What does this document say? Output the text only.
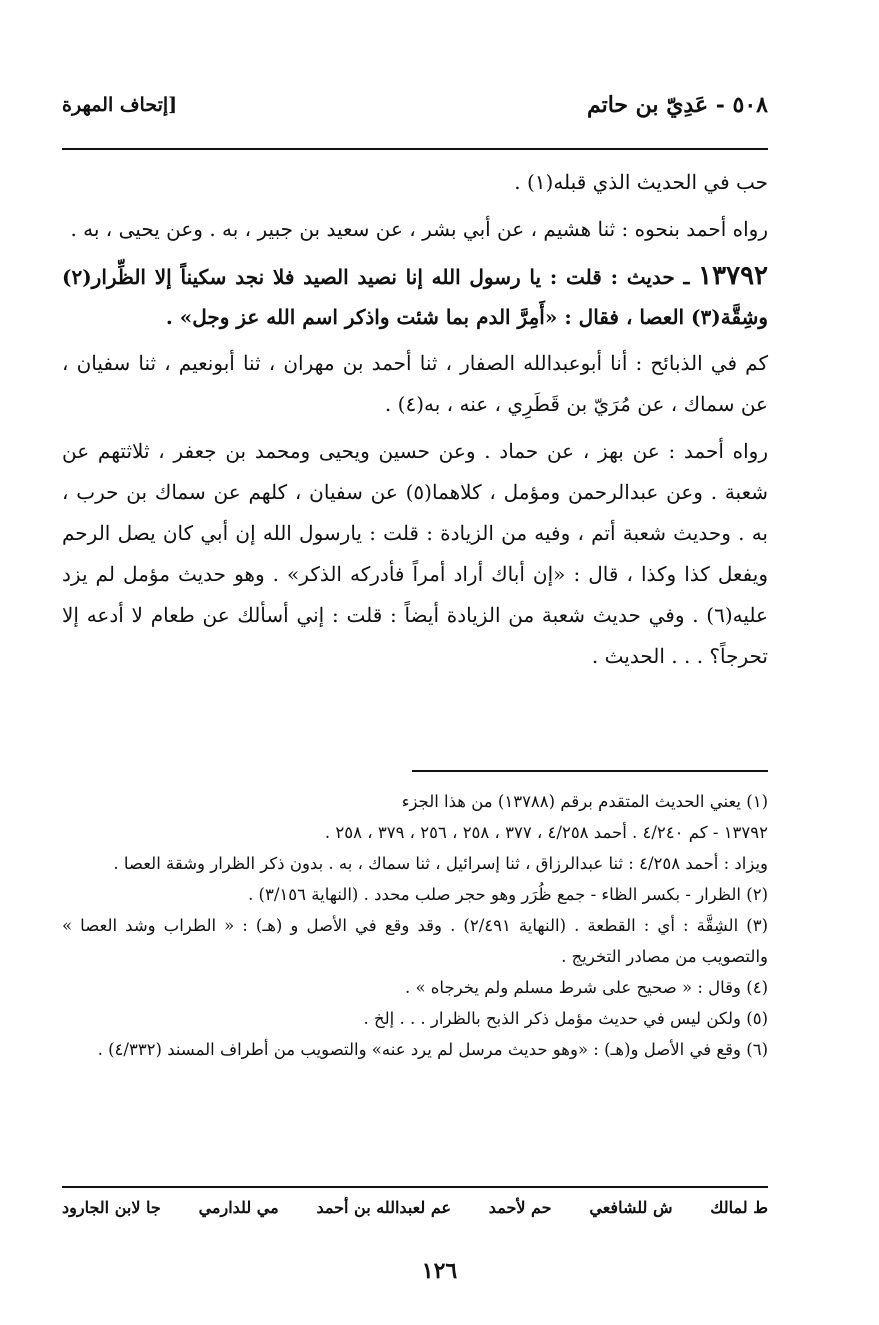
٥٠٨ - عَدِيّ بن حاتم
[إتحاف المهرة

حب في الحديث الذي قبله(١) .

رواه أحمد بنحوه : ثنا هشيم ، عن أبي بشر ، عن سعيد بن جبير ، به . وعن يحيى ، به .

١٣٧٩٢ ـ حديث : قلت : يا رسول الله إنا نصيد الصيد فلا نجد سكيناً إلا الظِّرار(٢) وشِقَّة(٣) العصا ، فقال : «أَمِرَّ الدم بما شئت واذكر اسم الله عز وجل» .

كم في الذبائح : أنا أبوعبدالله الصفار ، ثنا أحمد بن مهران ، ثنا أبونعيم ، ثنا سفيان ، عن سماك ، عن مُرَيّ بن قَطَرِي ، عنه ، به(٤) .

رواه أحمد : عن بهز ، عن حماد . وعن حسين ويحيى ومحمد بن جعفر ، ثلاثتهم عن شعبة . وعن عبدالرحمن ومؤمل ، كلاهما(٥) عن سفيان ، كلهم عن سماك بن حرب ، به . وحديث شعبة أتم ، وفيه من الزيادة : قلت : يارسول الله إن أبي كان يصل الرحم ويفعل كذا وكذا ، قال : «إن أباك أراد أمراً فأدركه الذكر» . وهو حديث مؤمل لم يزد عليه(٦) . وفي حديث شعبة من الزيادة أيضاً : قلت : إني أسألك عن طعام لا أدعه إلا تحرجاً؟ . . . الحديث .

(١) يعني الحديث المتقدم برقم (١٣٧٨٨) من هذا الجزء

١٣٧٩٢ - كم ٤/٢٤٠ . أحمد ٤/٢٥٨ ، ٣٧٧ ، ٢٥٨ ، ٢٥٦ ، ٣٧٩ ، ٢٥٨ .

ويزاد : أحمد ٤/٢٥٨ : ثنا عبدالرزاق ، ثنا إسرائيل ، ثنا سماك ، به . بدون ذكر الظرار وشقة العصا .

(٢) الظرار - بكسر الظاء - جمع ظُرَر وهو حجر صلب محدد . (النهاية ٣/١٥٦) .

(٣) الشِقَّة : أي : القطعة . (النهاية ٢/٤٩١) . وقد وقع في الأصل و (هـ) : « الطراب وشد العصا » والتصويب من مصادر التخريج .

(٤) وقال : « صحيح على شرط مسلم ولم يخرجاه » .

(٥) ولكن ليس في حديث مؤمل ذكر الذبح بالظرار . . . إلخ .

(٦) وقع في الأصل و(هـ) : «وهو حديث مرسل لم يرد عنه» والتصويب من أطراف المسند (٤/٣٣٢) .

ط لمالك
ش للشافعي
حم لأحمد
عم لعبدالله بن أحمد
مي للدارمي
جا لابن الجارود
١٢٦
